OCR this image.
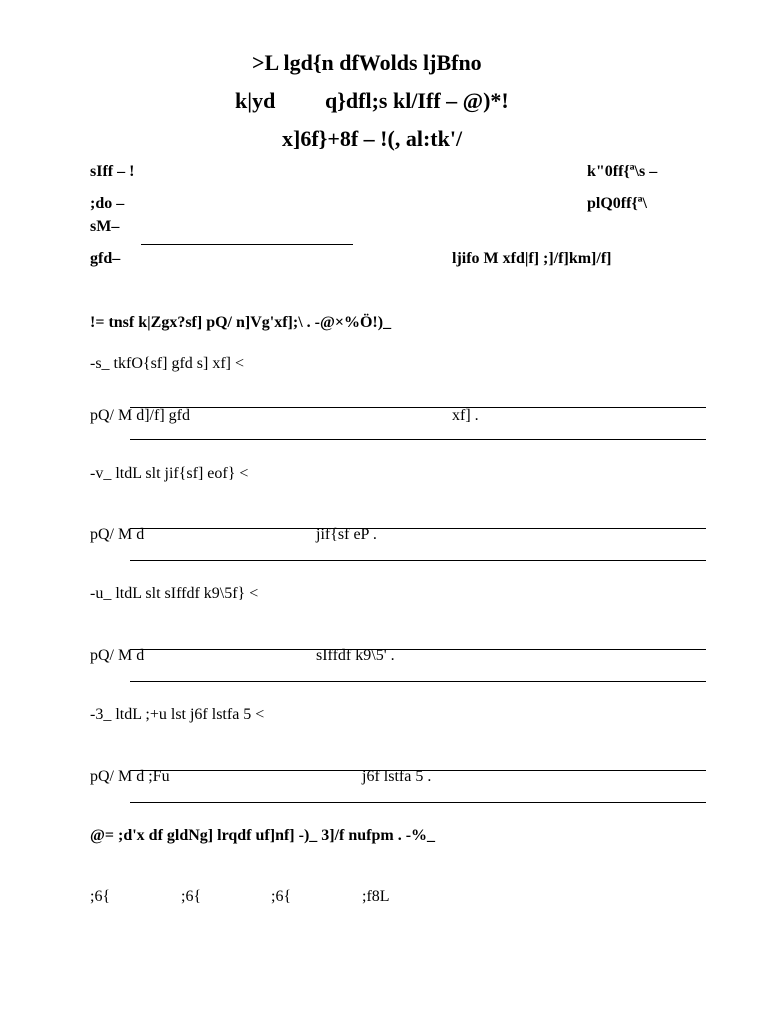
>L lgd{n dfWolds ljBfno
k|yd q}dfl;s kl/Iff – @)*!
x]6f}+8f – !(, al:tk'/
sIff – !	k"0ff{ª\s –
;do –	plQ0ff{ª\
sM–
gfd–	ljifo M xfd|f] ;]/f]km]/f]
!= tnsf k|Zgx?sf] pQ/ n]Vg'xf];\ . -@×%Ö!)_
-s_ tkfO{sf] gfd s] xf] <
pQ/ M d]/f] gfd	xf] .
-v_ ltdL slt jif{sf] eof} <
pQ/ M d	jif{sf eP .
-u_ ltdL slt sIffdf k9\5f} <
pQ/ M d	sIffdf k9\5' .
-3_ ltdL ;+u lst j6f lstfa 5 <
pQ/ M d ;Fu	j6f lstfa 5 .
@= ;d'x df gldNg] lrqdf uf]nf] -)_ 3]/f nufpm . -%_
;6{	;6{	;6{	;f8L
